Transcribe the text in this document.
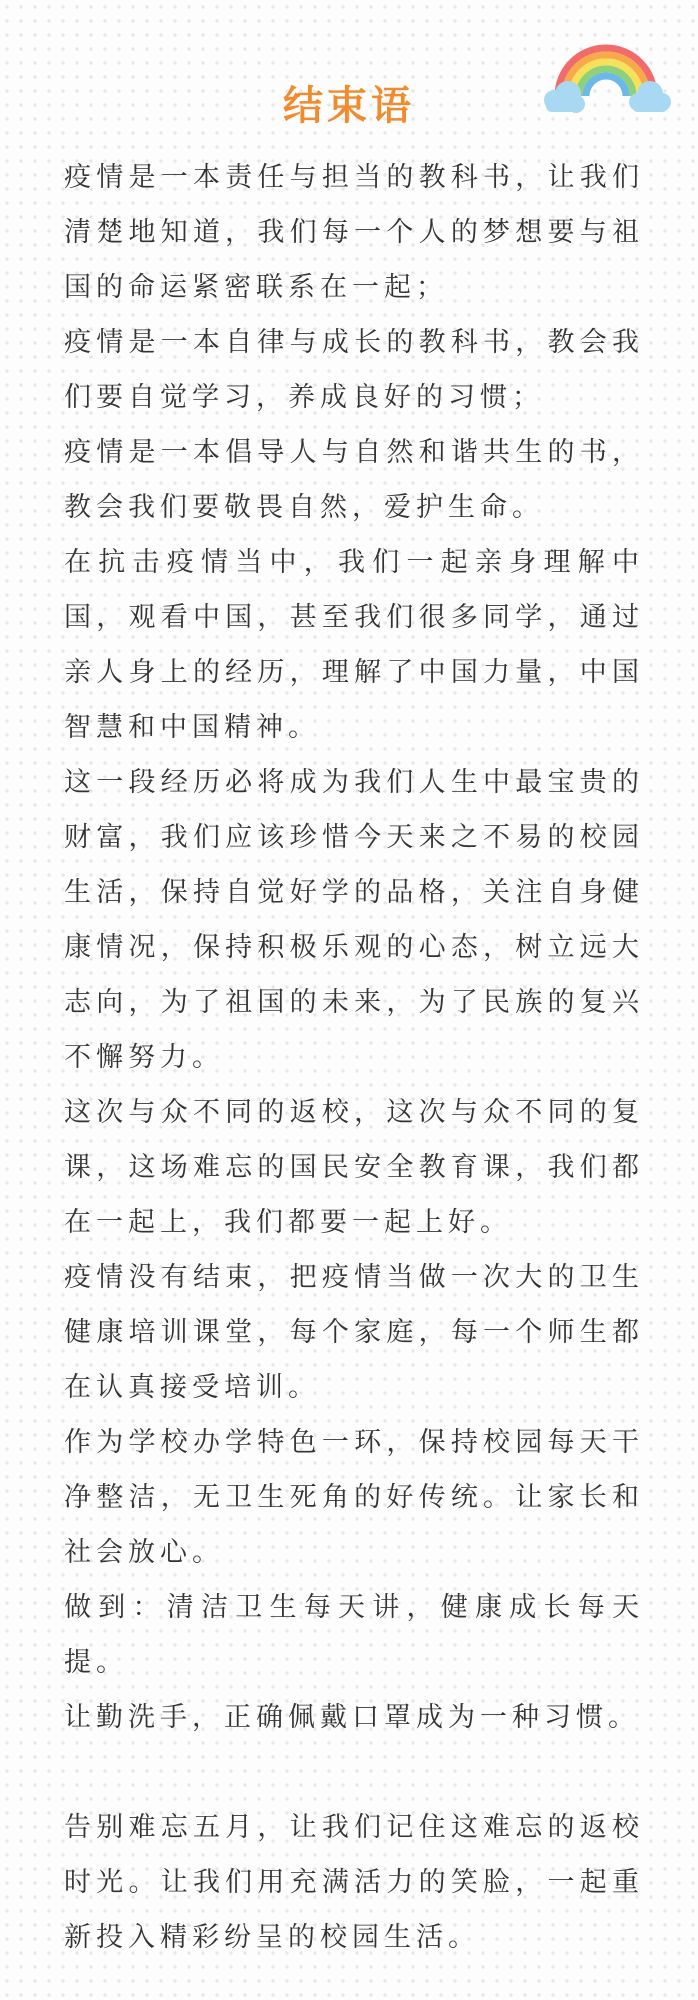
结束语

疫情是一本责任与担当的教科书，让我们清楚地知道，我们每一个人的梦想要与祖国的命运紧密联系在一起；

疫情是一本自律与成长的教科书，教会我们要自觉学习，养成良好的习惯；

疫情是一本倡导人与自然和谐共生的书，教会我们要敬畏自然，爱护生命。

在抗击疫情当中，我们一起亲身理解中国，观看中国，甚至我们很多同学，通过亲人身上的经历，理解了中国力量，中国智慧和中国精神。

这一段经历必将成为我们人生中最宝贵的财富，我们应该珍惜今天来之不易的校园生活，保持自觉好学的品格，关注自身健康情况，保持积极乐观的心态，树立远大志向，为了祖国的未来，为了民族的复兴不懈努力。

这次与众不同的返校，这次与众不同的复课，这场难忘的国民安全教育课，我们都在一起上，我们都要一起上好。

疫情没有结束，把疫情当做一次大的卫生健康培训课堂，每个家庭，每一个师生都在认真接受培训。

作为学校办学特色一环，保持校园每天干净整洁，无卫生死角的好传统。让家长和社会放心。

做到：清洁卫生每天讲，健康成长每天提。

让勤洗手，正确佩戴口罩成为一种习惯。

告别难忘五月，让我们记住这难忘的返校时光。让我们用充满活力的笑脸，一起重新投入精彩纷呈的校园生活。
